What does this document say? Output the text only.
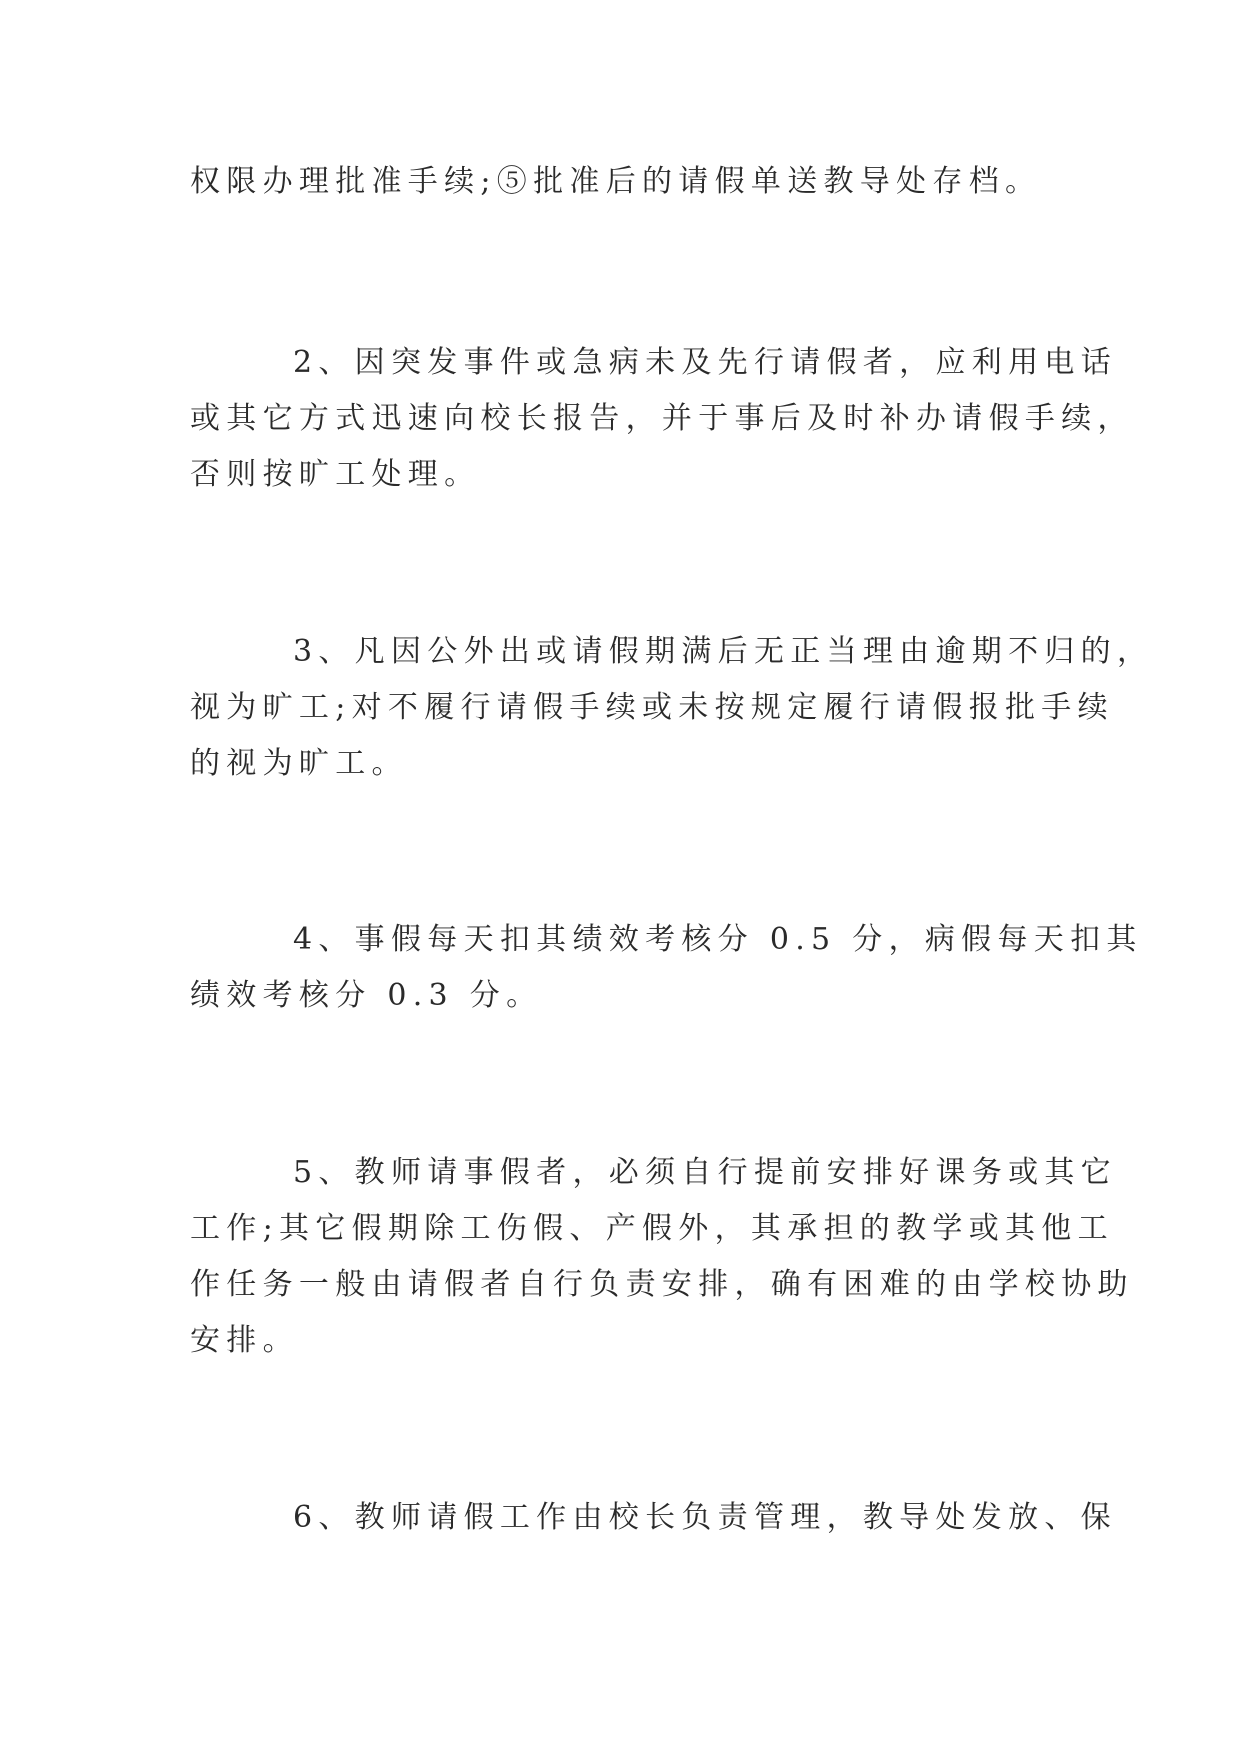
权限办理批准手续;⑤批准后的请假单送教导处存档。
2、因突发事件或急病未及先行请假者，应利用电话
或其它方式迅速向校长报告，并于事后及时补办请假手续，
否则按旷工处理。
3、凡因公外出或请假期满后无正当理由逾期不归的，
视为旷工;对不履行请假手续或未按规定履行请假报批手续
的视为旷工。
4、事假每天扣其绩效考核分 0.5 分，病假每天扣其
绩效考核分 0.3 分。
5、教师请事假者，必须自行提前安排好课务或其它
工作;其它假期除工伤假、产假外，其承担的教学或其他工
作任务一般由请假者自行负责安排，确有困难的由学校协助
安排。
6、教师请假工作由校长负责管理，教导处发放、保
